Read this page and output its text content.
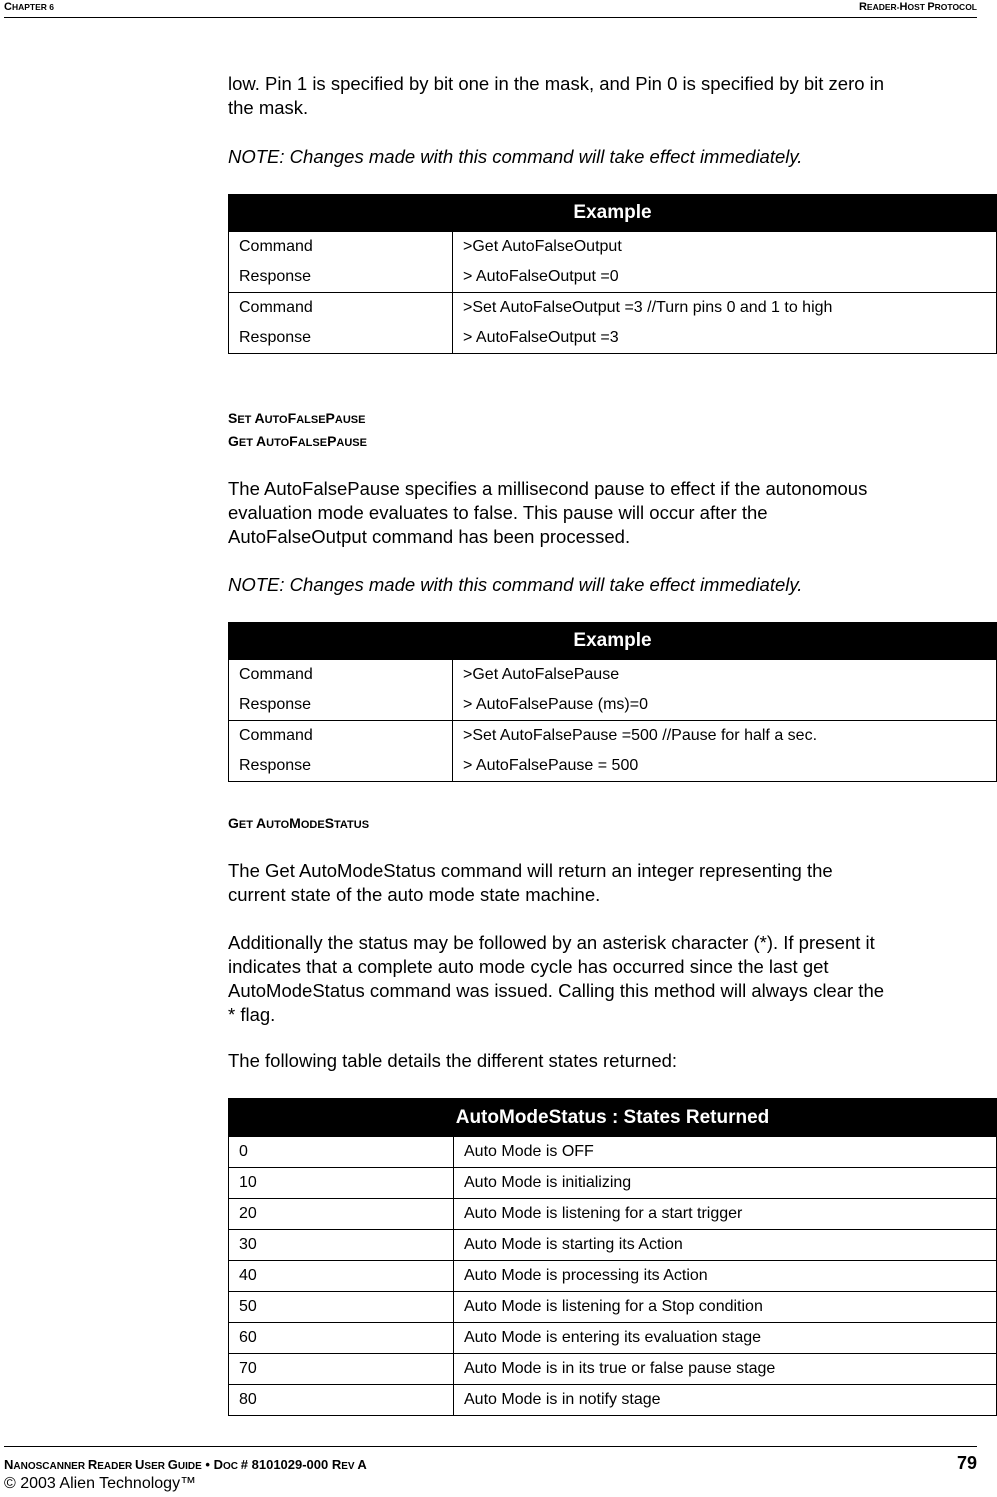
CHAPTER 6	READER-HOST PROTOCOL

low. Pin 1 is specified by bit one in the mask, and Pin 0 is specified by bit zero in

the mask.

NOTE: Changes made with this command will take effect immediately.

Example	
Command	>Get AutoFalseOutput
Response	> AutoFalseOutput =0
Command	>Set AutoFalseOutput =3 //Turn pins 0 and 1 to high
Response	> AutoFalseOutput =3

SET AUTOFALSEPAUSE

GET AUTOFALSEPAUSE

The AutoFalsePause specifies a millisecond pause to effect if the autonomous

evaluation mode evaluates to false. This pause will occur after the

AutoFalseOutput command has been processed.

NOTE: Changes made with this command will take effect immediately.

Example	
Command	>Get AutoFalsePause
Response	> AutoFalsePause (ms)=0
Command	>Set AutoFalsePause =500 //Pause for half a sec.
Response	> AutoFalsePause = 500

GET AUTOMODESTATUS

The Get AutoModeStatus command will return an integer representing the

current state of the auto mode state machine.

Additionally the status may be followed by an asterisk character (*). If present it

indicates that a complete auto mode cycle has occurred since the last get

AutoModeStatus command was issued. Calling this method will always clear the

* flag.

The following table details the different states returned:

AutoModeStatus : States Returned	
0	Auto Mode is OFF
10	Auto Mode is initializing
20	Auto Mode is listening for a start trigger
30	Auto Mode is starting its Action
40	Auto Mode is processing its Action
50	Auto Mode is listening for a Stop condition
60	Auto Mode is entering its evaluation stage
70	Auto Mode is in its true or false pause stage
80	Auto Mode is in notify stage
NANOSCANNER READER USER GUIDE • DOC # 8101029-000 REV A	79
© 2003 Alien Technology™
